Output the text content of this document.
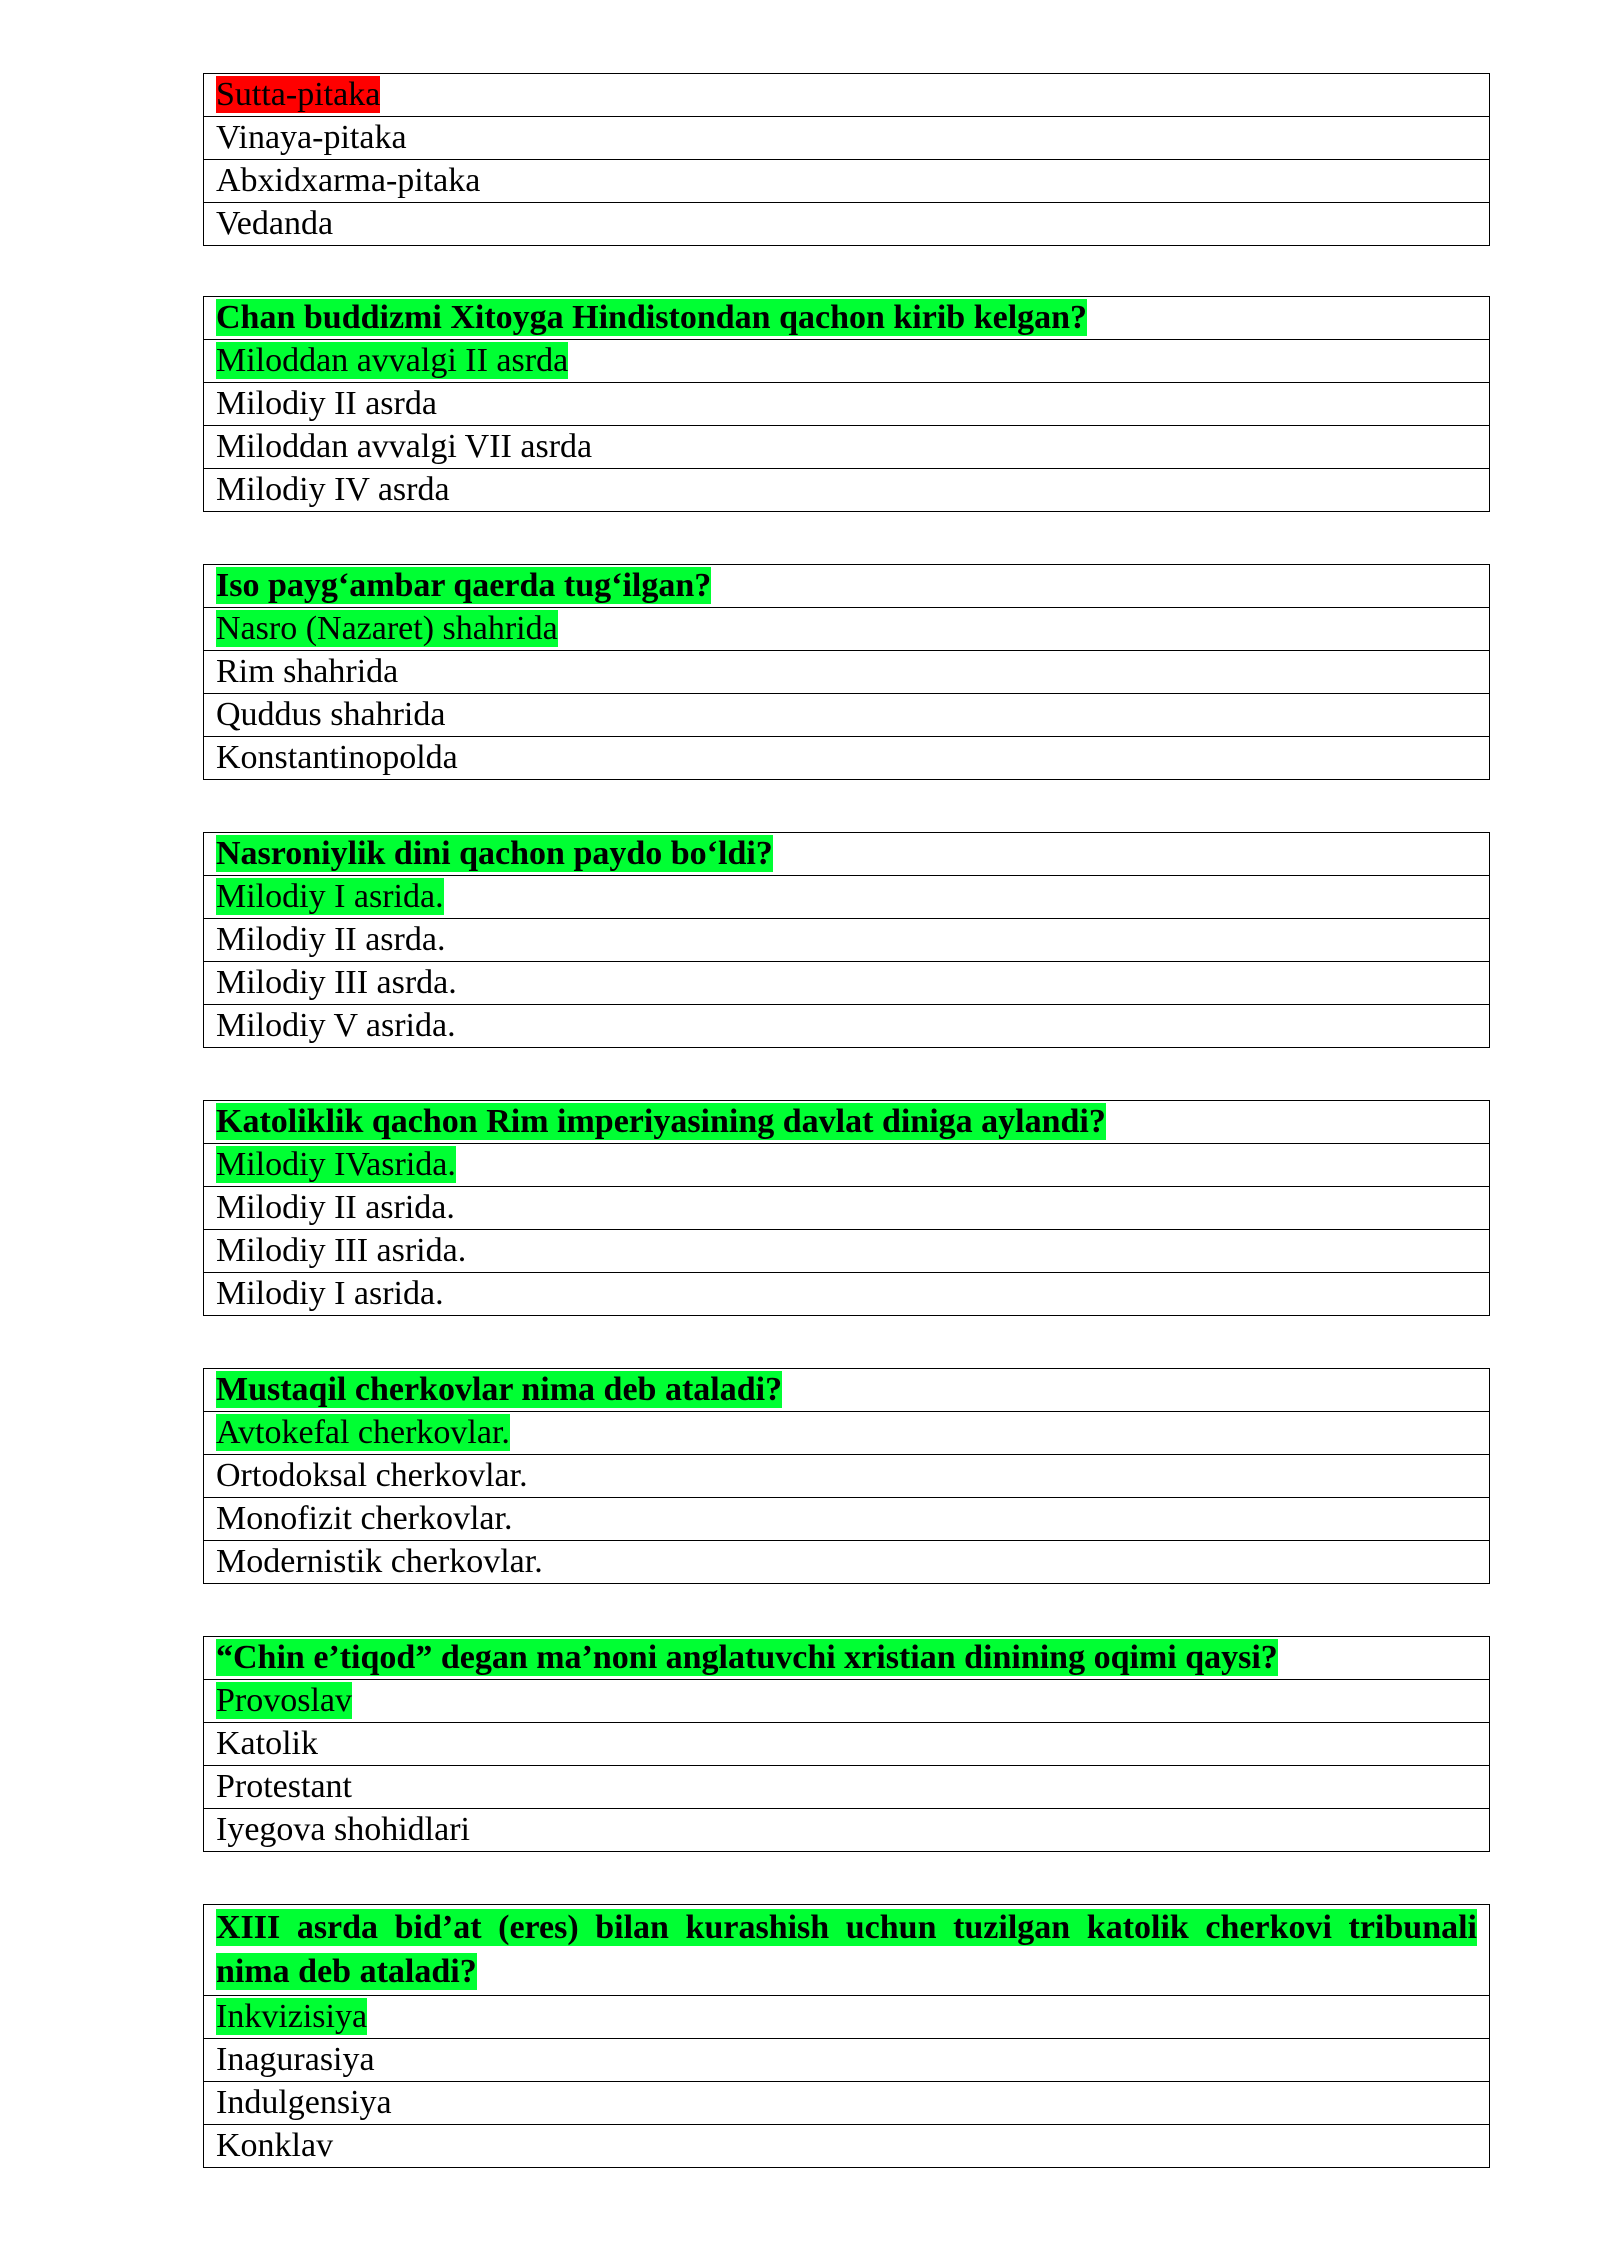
Sutta-pitaka
Vinaya-pitaka
Abxidxarma-pitaka
Vedanda
Chan buddizmi Xitoyga Hindistondan qachon kirib kelgan?
Miloddan avvalgi II asrda
Milodiy II asrda
Miloddan avvalgi VII asrda
Milodiy IV asrda
Iso payg‘ambar qaerda tug‘ilgan?
Nasro (Nazaret) shahrida
Rim shahrida
Quddus shahrida
Konstantinopolda
Nasroniylik dini qachon paydo bo‘ldi?
Milodiy I asrida.
Milodiy II asrda.
Milodiy III asrda.
Milodiy V asrida.
Katoliklik qachon Rim imperiyasining davlat diniga aylandi?
Milodiy IVasrida.
Milodiy II asrida.
Milodiy III asrida.
Milodiy I asrida.
Mustaqil cherkovlar nima deb ataladi?
Avtokefal cherkovlar.
Ortodoksal cherkovlar.
Monofizit cherkovlar.
Modernistik cherkovlar.
“Chin e’tiqod” degan ma’noni anglatuvchi xristian dinining oqimi qaysi?
Provoslav
Katolik
Protestant
Iyegova shohidlari
XIII asrda bid’at (eres) bilan kurashish uchun tuzilgan katolik cherkovi tribunali nima deb ataladi?
Inkvizisiya
Inagurasiya
Indulgensiya
Konklav
